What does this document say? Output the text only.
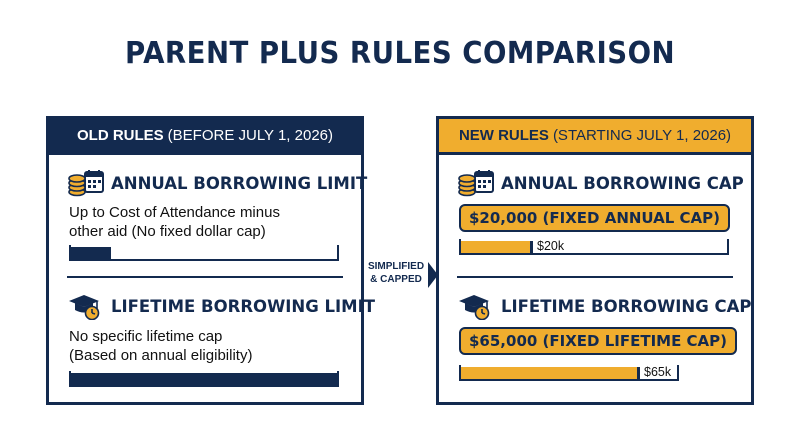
PARENT PLUS RULES COMPARISON
OLD RULES (BEFORE JULY 1, 2026)
ANNUAL BORROWING LIMIT
Up to Cost of Attendance minus
other aid (No fixed dollar cap)
LIFETIME BORROWING LIMIT
No specific lifetime cap
(Based on annual eligibility)
SIMPLIFIED
& CAPPED
NEW RULES (STARTING JULY 1, 2026)
ANNUAL BORROWING CAP
$20,000 (FIXED ANNUAL CAP)
$20k
LIFETIME BORROWING CAP
$65,000 (FIXED LIFETIME CAP)
$65k
